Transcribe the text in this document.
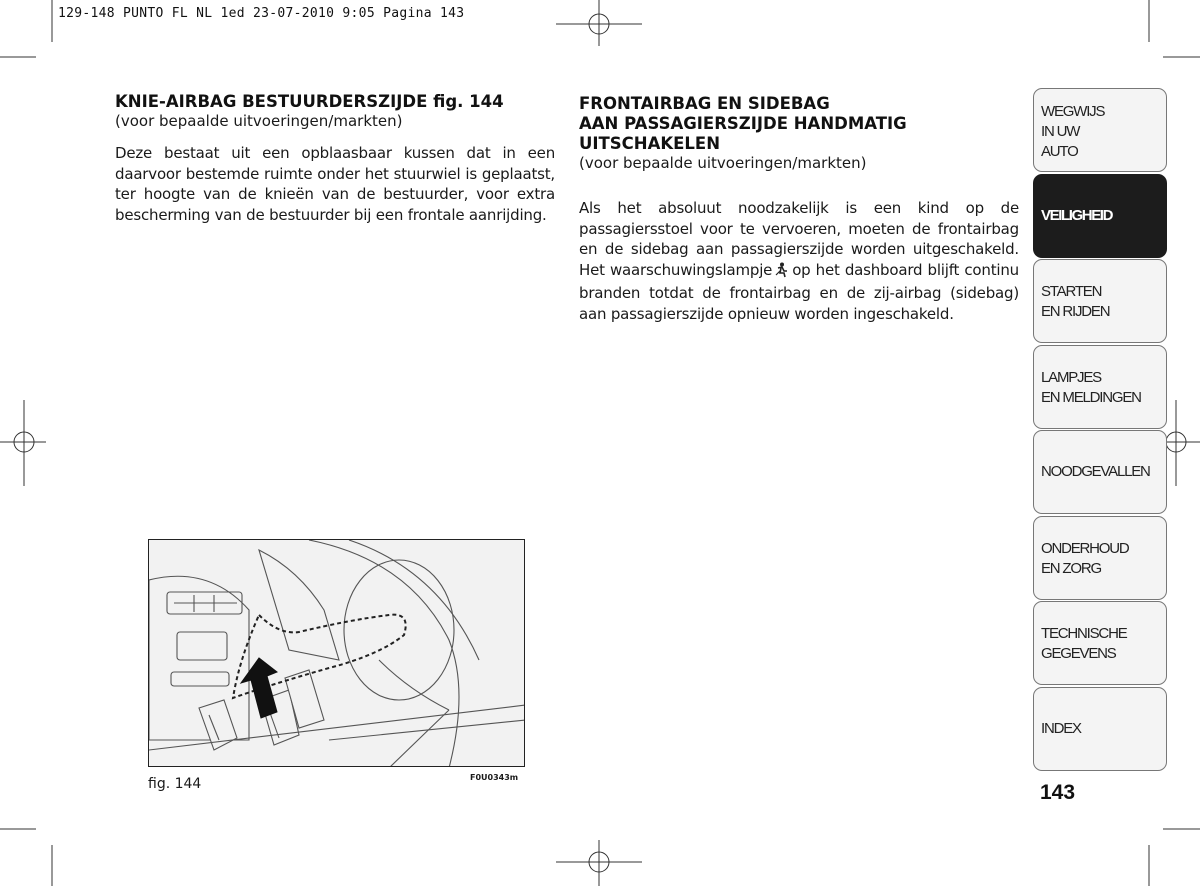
129-148 PUNTO FL NL 1ed 23-07-2010 9:05 Pagina 143

KNIE-AIRBAG BESTUURDERSZIJDE fig. 144

(voor bepaalde uitvoeringen/markten)

Deze bestaat uit een opblaasbaar kussen dat in een daarvoor bestemde ruimte onder het stuurwiel is geplaatst, ter hoogte van de knieën van de bestuurder, voor extra bescherming van de bestuurder bij een frontale aanrijding.

FRONTAIRBAG EN SIDEBAG

AAN PASSAGIERSZIJDE HANDMATIG

UITSCHAKELEN

(voor bepaalde uitvoeringen/markten)

Als het absoluut noodzakelijk is een kind op de passagiersstoel voor te vervoeren, moeten de frontairbag en de sidebag aan passagierszijde worden uitgeschakeld. Het waarschuwingslampje op het dashboard blijft continu branden totdat de frontairbag en de zij-airbag (sidebag) aan passagierszijde opnieuw worden ingeschakeld.

fig. 144	F0U0343m
WEGWIJS
IN UW
AUTO
VEILIGHEID
STARTEN
EN RIJDEN
LAMPJES
EN MELDINGEN
NOODGEVALLEN
ONDERHOUD
EN ZORG
TECHNISCHE
GEGEVENS
INDEX
143
